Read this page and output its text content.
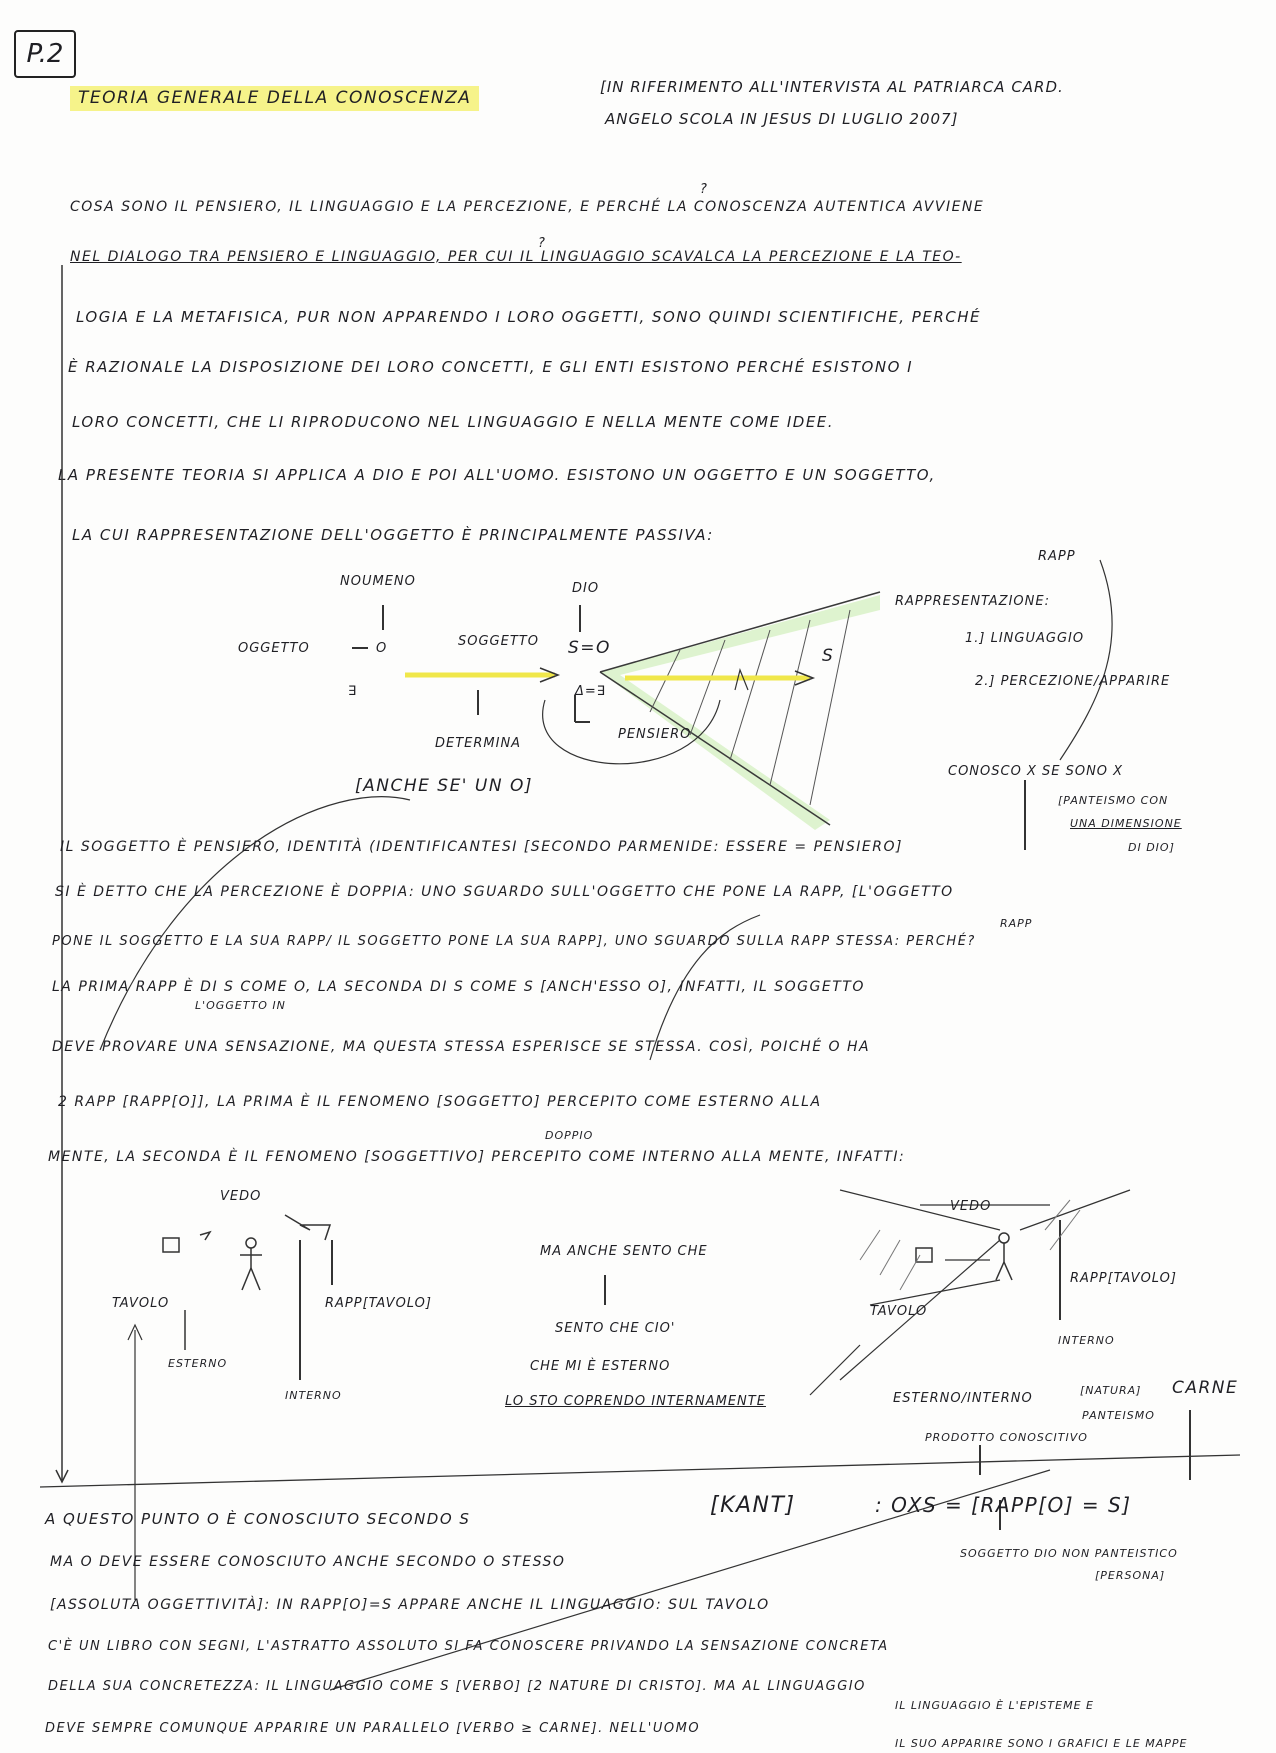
P.2
TEORIA GENERALE DELLA CONOSCENZA
[IN RIFERIMENTO ALL'INTERVISTA AL PATRIARCA CARD.
ANGELO SCOLA IN JESUS DI LUGLIO 2007]
?
?
COSA SONO IL PENSIERO, IL LINGUAGGIO E LA PERCEZIONE, E PERCHÉ LA CONOSCENZA AUTENTICA AVVIENE
NEL DIALOGO TRA PENSIERO E LINGUAGGIO, PER CUI IL LINGUAGGIO SCAVALCA LA PERCEZIONE E LA TEO-
LOGIA E LA METAFISICA, PUR NON APPARENDO I LORO OGGETTI, SONO QUINDI SCIENTIFICHE, PERCHÉ
È RAZIONALE LA DISPOSIZIONE DEI LORO CONCETTI, E GLI ENTI ESISTONO PERCHÉ ESISTONO I
LORO CONCETTI, CHE LI RIPRODUCONO NEL LINGUAGGIO E NELLA MENTE COME IDEE.
LA PRESENTE TEORIA SI APPLICA A DIO E POI ALL'UOMO. ESISTONO UN OGGETTO E UN SOGGETTO,
LA CUI RAPPRESENTAZIONE DELL'OGGETTO È PRINCIPALMENTE PASSIVA:
NOUMENO
OGGETTO	O
∃
DIO
SOGGETTO S=O
Δ=∃
S
DETERMINA
PENSIERO
[ANCHE SE' UN O]
RAPP
RAPPRESENTAZIONE:
1.] LINGUAGGIO
2.] PERCEZIONE/APPARIRE
CONOSCO X SE SONO X
[PANTEISMO CON
UNA DIMENSIONE
DI DIO]
IL SOGGETTO È PENSIERO, IDENTITÀ (IDENTIFICANTESI [SECONDO PARMENIDE: ESSERE = PENSIERO]
SI È DETTO CHE LA PERCEZIONE È DOPPIA: UNO SGUARDO SULL'OGGETTO CHE PONE LA RAPP, [L'OGGETTO
PONE IL SOGGETTO E LA SUA RAPP/ IL SOGGETTO PONE LA SUA RAPP], UNO SGUARDO SULLA RAPP STESSA: PERCHÉ?
RAPP
LA PRIMA RAPP È DI S COME O, LA SECONDA DI S COME S [ANCH'ESSO O], INFATTI, IL SOGGETTO
L'OGGETTO IN
DEVE PROVARE UNA SENSAZIONE, MA QUESTA STESSA ESPERISCE SE STESSA. COSÌ, POICHÉ O HA
2 RAPP [RAPP[O]], LA PRIMA È IL FENOMENO [SOGGETTO] PERCEPITO COME ESTERNO ALLA
DOPPIO
MENTE, LA SECONDA È IL FENOMENO [SOGGETTIVO] PERCEPITO COME INTERNO ALLA MENTE, INFATTI:
VEDO
TAVOLO
ESTERNO
INTERNO
RAPP[TAVOLO]
MA ANCHE SENTO CHE
SENTO CHE CIO'
CHE MI È ESTERNO
LO STO COPRENDO INTERNAMENTE
VEDO
RAPP[TAVOLO]
TAVOLO
INTERNO
ESTERNO/INTERNO
[NATURA]
PANTEISMO
CARNE
PRODOTTO CONOSCITIVO
A QUESTO PUNTO O È CONOSCIUTO SECONDO S
[KANT]	: OXS = [RAPP[O] = S]
MA O DEVE ESSERE CONOSCIUTO ANCHE SECONDO O STESSO
SOGGETTO DIO NON PANTEISTICO
[PERSONA]
[ASSOLUTA OGGETTIVITÀ]: IN RAPP[O]=S APPARE ANCHE IL LINGUAGGIO: SUL TAVOLO
C'È UN LIBRO CON SEGNI, L'ASTRATTO ASSOLUTO SI FA CONOSCERE PRIVANDO LA SENSAZIONE CONCRETA
DELLA SUA CONCRETEZZA: IL LINGUAGGIO COME S [VERBO] [2 NATURE DI CRISTO]. MA AL LINGUAGGIO
IL LINGUAGGIO È L'EPISTEME E
DEVE SEMPRE COMUNQUE APPARIRE UN PARALLELO [VERBO ≥ CARNE]. NELL'UOMO
IL SUO APPARIRE SONO I GRAFICI E LE MAPPE
